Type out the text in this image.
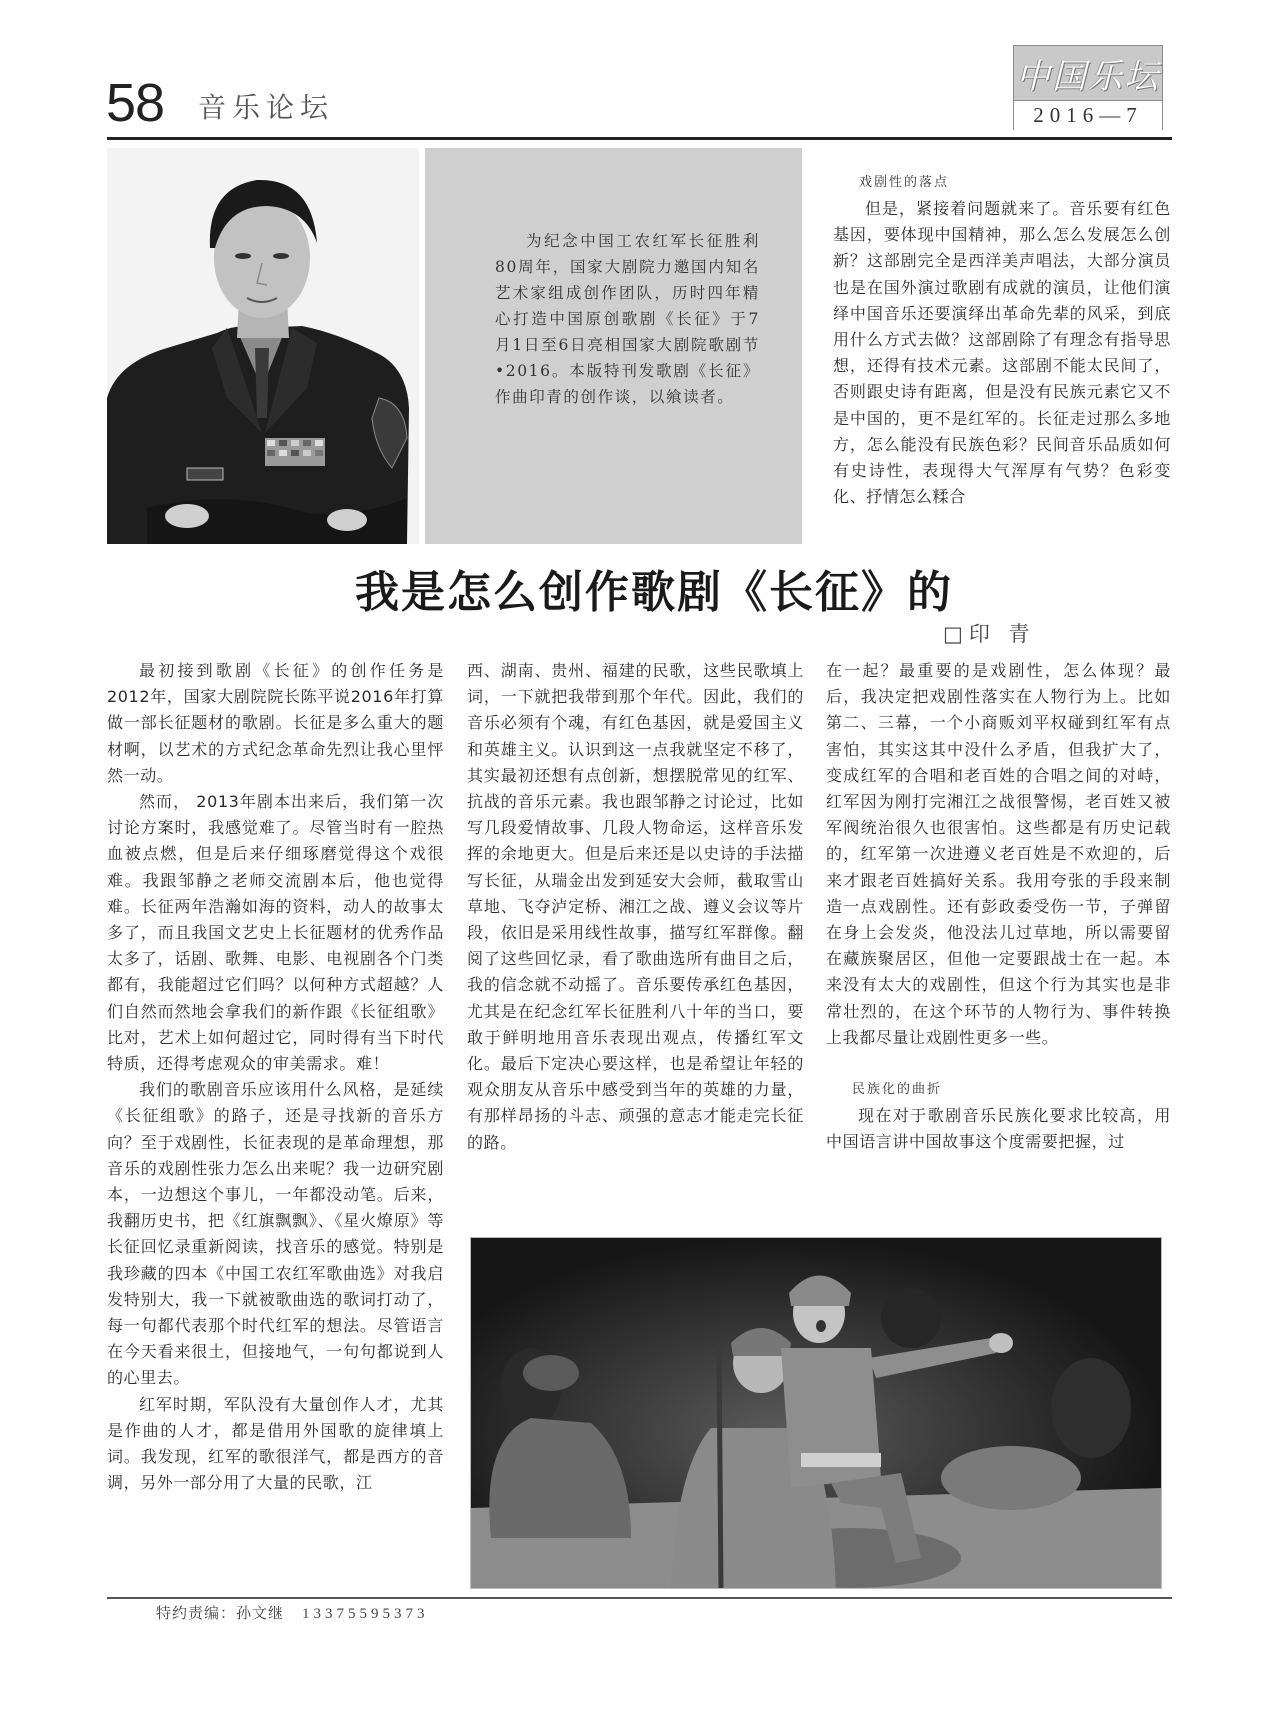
58 音乐论坛
中国乐坛
2016—7

为纪念中国工农红军长征胜利80周年，国家大剧院力邀国内知名艺术家组成创作团队，历时四年精心打造中国原创歌剧《长征》于7月1日至6日亮相国家大剧院歌剧节•2016。本版特刊发歌剧《长征》作曲印青的创作谈，以飨读者。

戏剧性的落点

但是，紧接着问题就来了。音乐要有红色基因，要体现中国精神，那么怎么发展怎么创新？这部剧完全是西洋美声唱法，大部分演员也是在国外演过歌剧有成就的演员，让他们演绎中国音乐还要演绎出革命先辈的风采，到底用什么方式去做？这部剧除了有理念有指导思想，还得有技术元素。这部剧不能太民间了，否则跟史诗有距离，但是没有民族元素它又不是中国的，更不是红军的。长征走过那么多地方，怎么能没有民族色彩？民间音乐品质如何有史诗性，表现得大气浑厚有气势？色彩变化、抒情怎么糅合

我是怎么创作歌剧《长征》的
□印 青

最初接到歌剧《长征》的创作任务是2012年，国家大剧院院长陈平说2016年打算做一部长征题材的歌剧。长征是多么重大的题材啊，以艺术的方式纪念革命先烈让我心里怦然一动。

然而， 2013年剧本出来后，我们第一次讨论方案时，我感觉难了。尽管当时有一腔热血被点燃，但是后来仔细琢磨觉得这个戏很难。我跟邹静之老师交流剧本后，他也觉得难。长征两年浩瀚如海的资料，动人的故事太多了，而且我国文艺史上长征题材的优秀作品太多了，话剧、歌舞、电影、电视剧各个门类都有，我能超过它们吗？以何种方式超越？人们自然而然地会拿我们的新作跟《长征组歌》比对，艺术上如何超过它，同时得有当下时代特质，还得考虑观众的审美需求。难！

我们的歌剧音乐应该用什么风格，是延续《长征组歌》的路子，还是寻找新的音乐方向？至于戏剧性，长征表现的是革命理想，那音乐的戏剧性张力怎么出来呢？我一边研究剧本，一边想这个事儿，一年都没动笔。后来，我翻历史书，把《红旗飘飘》、《星火燎原》等长征回忆录重新阅读，找音乐的感觉。特别是我珍藏的四本《中国工农红军歌曲选》对我启发特别大，我一下就被歌曲选的歌词打动了，每一句都代表那个时代红军的想法。尽管语言在今天看来很土，但接地气，一句句都说到人的心里去。

红军时期，军队没有大量创作人才，尤其是作曲的人才，都是借用外国歌的旋律填上词。我发现，红军的歌很洋气，都是西方的音调，另外一部分用了大量的民歌，江

西、湖南、贵州、福建的民歌，这些民歌填上词，一下就把我带到那个年代。因此，我们的音乐必须有个魂，有红色基因，就是爱国主义和英雄主义。认识到这一点我就坚定不移了，其实最初还想有点创新，想摆脱常见的红军、抗战的音乐元素。我也跟邹静之讨论过，比如写几段爱情故事、几段人物命运，这样音乐发挥的余地更大。但是后来还是以史诗的手法描写长征，从瑞金出发到延安大会师，截取雪山草地、飞夺泸定桥、湘江之战、遵义会议等片段，依旧是采用线性故事，描写红军群像。翻阅了这些回忆录，看了歌曲选所有曲目之后，我的信念就不动摇了。音乐要传承红色基因，尤其是在纪念红军长征胜利八十年的当口，要敢于鲜明地用音乐表现出观点，传播红军文化。最后下定决心要这样，也是希望让年轻的观众朋友从音乐中感受到当年的英雄的力量，有那样昂扬的斗志、顽强的意志才能走完长征的路。

在一起？最重要的是戏剧性，怎么体现？最后，我决定把戏剧性落实在人物行为上。比如第二、三幕，一个小商贩刘平权碰到红军有点害怕，其实这其中没什么矛盾，但我扩大了，变成红军的合唱和老百姓的合唱之间的对峙，红军因为刚打完湘江之战很警惕，老百姓又被军阀统治很久也很害怕。这些都是有历史记载的，红军第一次进遵义老百姓是不欢迎的，后来才跟老百姓搞好关系。我用夸张的手段来制造一点戏剧性。还有彭政委受伤一节，子弹留在身上会发炎，他没法儿过草地，所以需要留在藏族聚居区，但他一定要跟战士在一起。本来没有太大的戏剧性，但这个行为其实也是非常壮烈的，在这个环节的人物行为、事件转换上我都尽量让戏剧性更多一些。

民族化的曲折

现在对于歌剧音乐民族化要求比较高，用中国语言讲中国故事这个度需要把握，过

特约责编：孙文继 13375595373
